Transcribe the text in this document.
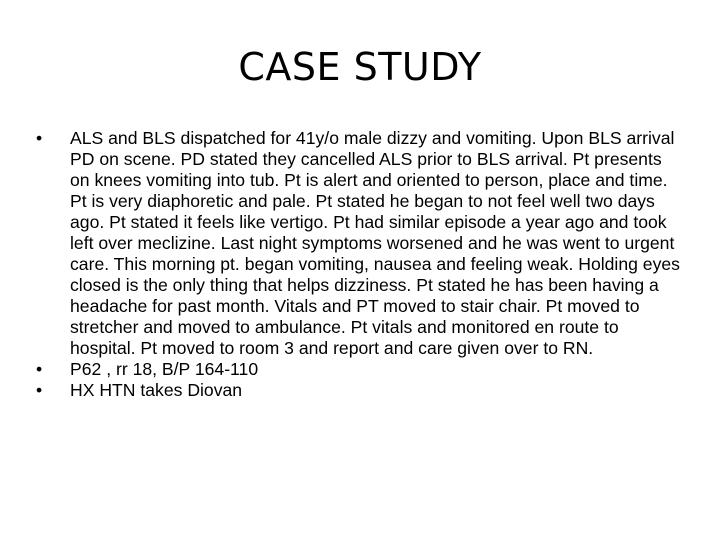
CASE STUDY
•	ALS and BLS dispatched for 41y/o male dizzy and vomiting. Upon BLS arrival PD on scene. PD stated they cancelled ALS prior to BLS arrival. Pt presents on knees vomiting into tub. Pt is alert and oriented to person, place and time. Pt is very diaphoretic and pale. Pt stated he began to not feel well two days ago. Pt stated it feels like vertigo. Pt had similar episode a year ago and took left over meclizine. Last night symptoms worsened and he was went to urgent care. This morning pt. began vomiting, nausea and feeling weak. Holding eyes closed is the only thing that helps dizziness. Pt stated he has been having a headache for past month. Vitals and PT moved to stair chair. Pt moved to stretcher and moved to ambulance. Pt vitals and monitored en route to hospital. Pt moved to room 3 and report and care given over to RN.
•	P62 , rr 18, B/P 164-110
•	HX HTN takes Diovan
